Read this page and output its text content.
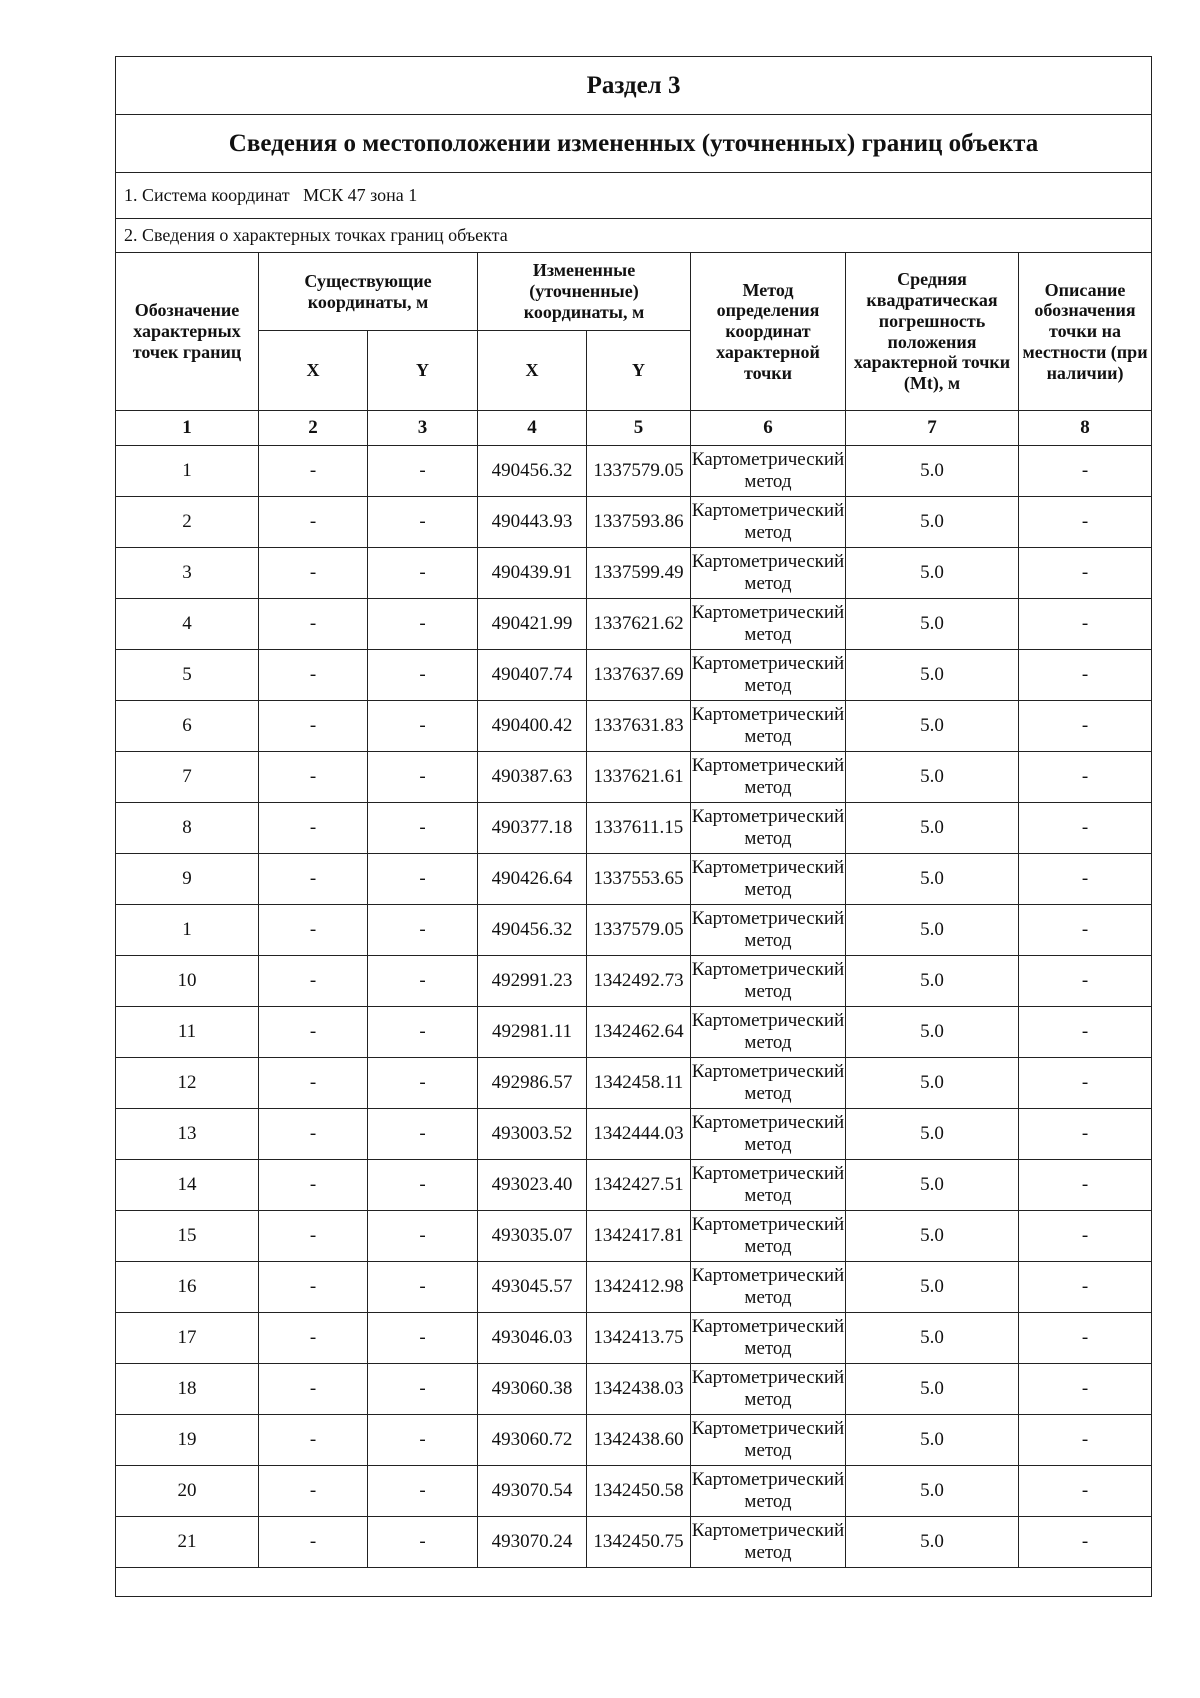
Раздел 3							
Сведения о местоположении измененных (уточненных) границ объекта							
1. Система координат МСК 47 зона 1							
2. Сведения о характерных точках границ объекта							
Обозначение характерных точек границ	Существующие координаты, м		Измененные (уточненные) координаты, м		Метод определения координат характерной точки	Средняя квадратическая погрешность положения характерной точки (Mt), м	Описание обозначения точки на местности (при наличии)
	X	Y	X	Y			
1	2	3	4	5	6	7	8
1	-	-	490456.32	1337579.05	Картометрический метод	5.0	-
2	-	-	490443.93	1337593.86	Картометрический метод	5.0	-
3	-	-	490439.91	1337599.49	Картометрический метод	5.0	-
4	-	-	490421.99	1337621.62	Картометрический метод	5.0	-
5	-	-	490407.74	1337637.69	Картометрический метод	5.0	-
6	-	-	490400.42	1337631.83	Картометрический метод	5.0	-
7	-	-	490387.63	1337621.61	Картометрический метод	5.0	-
8	-	-	490377.18	1337611.15	Картометрический метод	5.0	-
9	-	-	490426.64	1337553.65	Картометрический метод	5.0	-
1	-	-	490456.32	1337579.05	Картометрический метод	5.0	-
10	-	-	492991.23	1342492.73	Картометрический метод	5.0	-
11	-	-	492981.11	1342462.64	Картометрический метод	5.0	-
12	-	-	492986.57	1342458.11	Картометрический метод	5.0	-
13	-	-	493003.52	1342444.03	Картометрический метод	5.0	-
14	-	-	493023.40	1342427.51	Картометрический метод	5.0	-
15	-	-	493035.07	1342417.81	Картометрический метод	5.0	-
16	-	-	493045.57	1342412.98	Картометрический метод	5.0	-
17	-	-	493046.03	1342413.75	Картометрический метод	5.0	-
18	-	-	493060.38	1342438.03	Картометрический метод	5.0	-
19	-	-	493060.72	1342438.60	Картометрический метод	5.0	-
20	-	-	493070.54	1342450.58	Картометрический метод	5.0	-
21	-	-	493070.24	1342450.75	Картометрический метод	5.0	-
